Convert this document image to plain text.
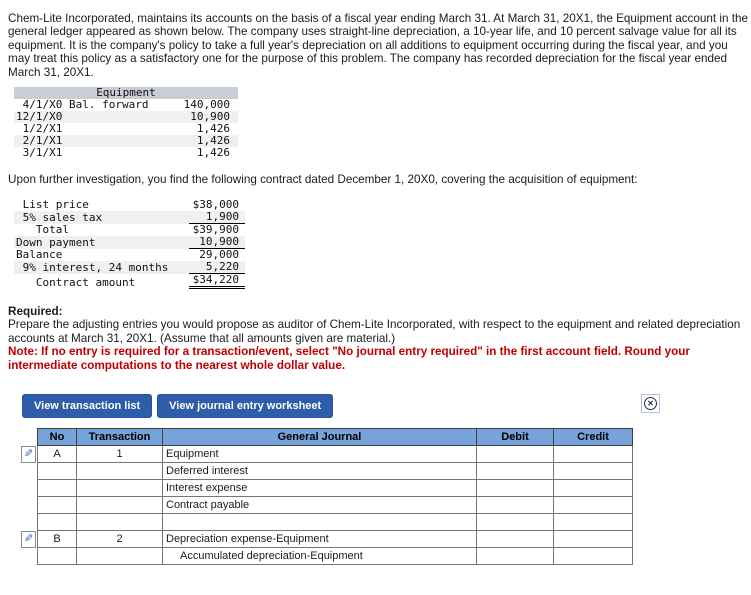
Chem-Lite Incorporated, maintains its accounts on the basis of a fiscal year ending March 31. At March 31, 20X1, the Equipment account in the general ledger appeared as shown below. The company uses straight-line depreciation, a 10-year life, and 10 percent salvage value for all its equipment. It is the company's policy to take a full year's depreciation on all additions to equipment occurring during the fiscal year, and you may treat this policy as a satisfactory one for the purpose of this problem. The company has recorded depreciation for the fiscal year ended March 31, 20X1.

Equipment
4/1/X0 Bal. forward	140,000
12/1/X0	10,900
1/2/X1	1,426
2/1/X1	1,426
3/1/X1	1,426

Upon further investigation, you find the following contract dated December 1, 20X0, covering the acquisition of equipment:

List price	$38,000
5% sales tax	1,900
Total	$39,900
Down payment	10,900
Balance	29,000
9% interest, 24 months	5,220
Contract amount	$34,220

Required:

Prepare the adjusting entries you would propose as auditor of Chem-Lite Incorporated, with respect to the equipment and related depreciation accounts at March 31, 20X1. (Assume that all amounts given are material.)

Note: If no entry is required for a transaction/event, select "No journal entry required" in the first account field. Round your intermediate computations to the nearest whole dollar value.

View transaction list	View journal entry worksheet	✕
No	Transaction	General Journal	Debit	Credit
✎	A	1	Equipment
Deferred interest
Interest expense
Contract payable
✎	B	2	Depreciation expense-Equipment
Accumulated depreciation-Equipment
